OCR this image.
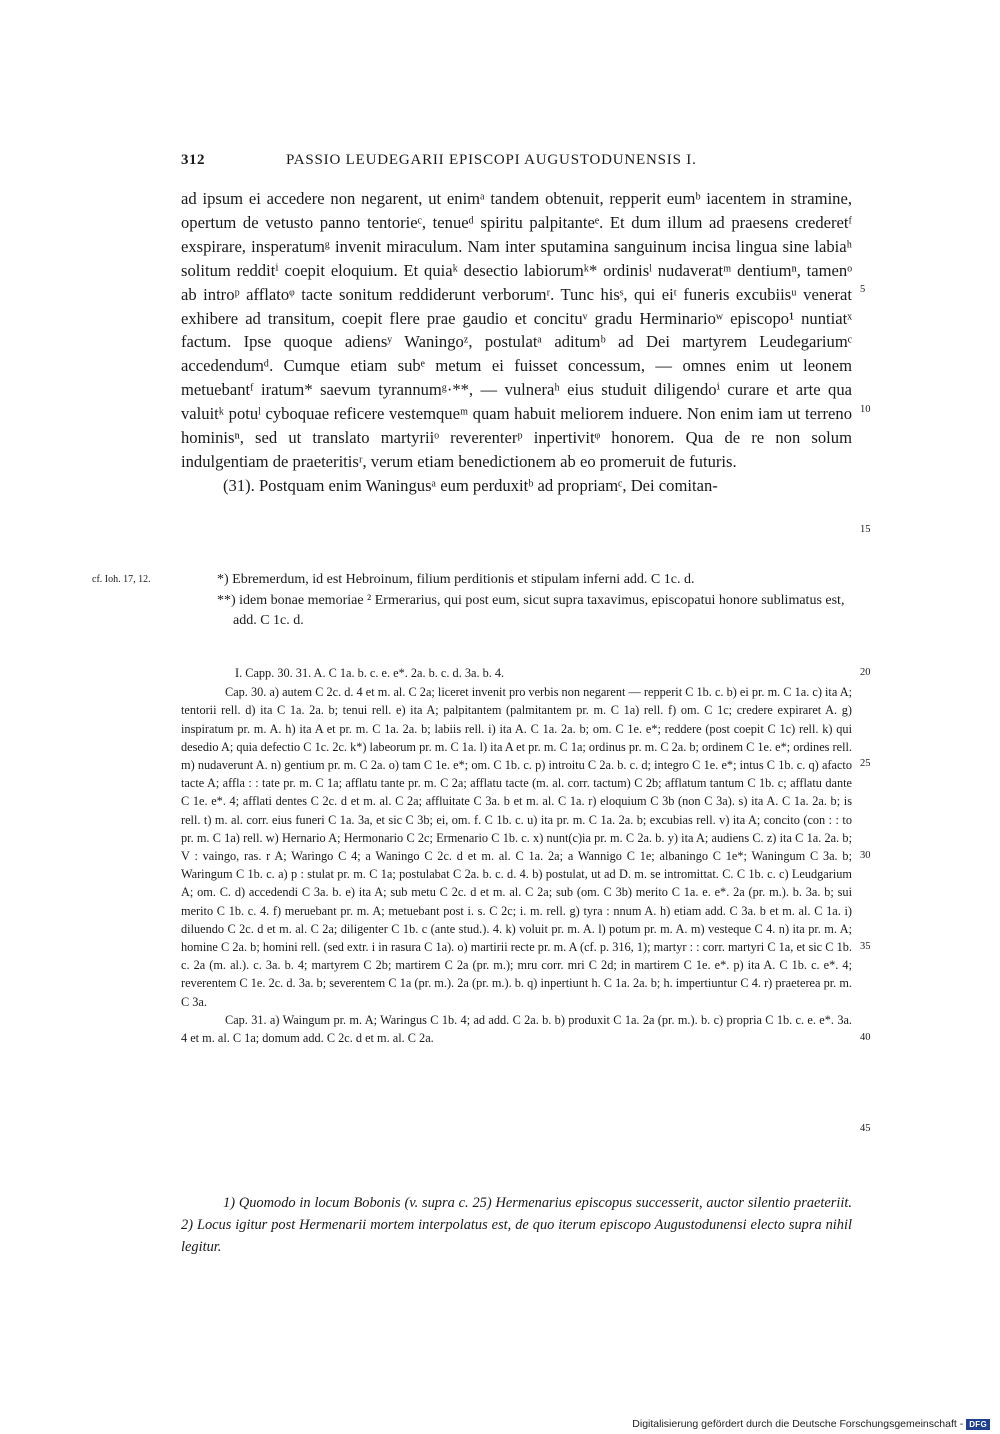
312	PASSIO LEUDEGARII EPISCOPI AUGUSTODUNENSIS I.

ad ipsum ei accedere non negarent, ut enimᵃ tandem obtenuit, repperit eumᵇ iacentem in stramine, opertum de vetusto panno tentorieᶜ, tenueᵈ spiritu palpitanteᵉ. Et dum illum ad praesens crederetᶠ exspirare, insperatumᵍ invenit miraculum. Nam inter sputamina sanguinum incisa lingua sine labiaʰ solitum redditⁱ coepit eloquium. Et quiaᵏ desectio labiorumᵏ* ordinisˡ nudaveratᵐ dentiumⁿ, tamenᵒ ab introᵖ afflatoᵠ tacte sonitum reddiderunt verborumʳ. Tunc hisˢ, qui eiᵗ funeris excubiisᵘ venerat exhibere ad transitum, coepit flere prae gaudio et concituᵛ gradu Herminarioʷ episcopo¹ nuntiatˣ factum. Ipse quoque adiensʸ Waningoᶻ, postulatᵃ aditumᵇ ad Dei martyrem Leudegariumᶜ accedendumᵈ. Cumque etiam subᵉ metum ei fuisset concessum, — omnes enim ut leonem metuebantᶠ iratum* saevum tyrannumᵍ·**, — vulneraʰ eius studuit diligendoⁱ curare et arte qua valuitᵏ potuˡ cyboquae reficere vestemqueᵐ quam habuit meliorem induere. Non enim iam ut terreno hominisⁿ, sed ut translato martyriiᵒ reverenterᵖ inpertivitᵠ honorem. Qua de re non solum indulgentiam de praeteritisʳ, verum etiam benedictionem ab eo promeruit de futuris.

(31). Postquam enim Waningusᵃ eum perduxitᵇ ad propriamᶜ, Dei comitan-

5
10
15
20
25
30
35
40
45
cf. Ioh. 17, 12.	*) Ebremerdum, id est Hebroinum, filium perditionis et stipulam inferni add. C 1c. d.

**) idem bonae memoriae ² Ermerarius, qui post eum, sicut supra taxavimus, episcopatui honore sublimatus est, add. C 1c. d.

I. Capp. 30. 31. A. C 1a. b. c. e. e*. 2a. b. c. d. 3a. b. 4.

Cap. 30. a) autem C 2c. d. 4 et m. al. C 2a; liceret invenit pro verbis non negarent — repperit C 1b. c. b) ei pr. m. C 1a. c) ita A; tentorii rell. d) ita C 1a. 2a. b; tenui rell. e) ita A; palpitantem (palmitantem pr. m. C 1a) rell. f) om. C 1c; credere expiraret A. g) inspiratum pr. m. A. h) ita A et pr. m. C 1a. 2a. b; labiis rell. i) ita A. C 1a. 2a. b; om. C 1e. e*; reddere (post coepit C 1c) rell. k) qui desedio A; quia defectio C 1c. 2c. k*) labeorum pr. m. C 1a. l) ita A et pr. m. C 1a; ordinus pr. m. C 2a. b; ordinem C 1e. e*; ordines rell. m) nudaverunt A. n) gentium pr. m. C 2a. o) tam C 1e. e*; om. C 1b. c. p) introitu C 2a. b. c. d; integro C 1e. e*; intus C 1b. c. q) afacto tacte A; affla : : tate pr. m. C 1a; afflatu tante pr. m. C 2a; afflatu tacte (m. al. corr. tactum) C 2b; afflatum tantum C 1b. c; afflatu dante C 1e. e*. 4; afflati dentes C 2c. d et m. al. C 2a; affluitate C 3a. b et m. al. C 1a. r) eloquium C 3b (non C 3a). s) ita A. C 1a. 2a. b; is rell. t) m. al. corr. eius funeri C 1a. 3a, et sic C 3b; ei, om. f. C 1b. c. u) ita pr. m. C 1a. 2a. b; excubias rell. v) ita A; concito (con : : to pr. m. C 1a) rell. w) Hernario A; Hermonario C 2c; Ermenario C 1b. c. x) nunt(c)ia pr. m. C 2a. b. y) ita A; audiens C. z) ita C 1a. 2a. b; V : vaingo, ras. r A; Waringo C 4; a Waningo C 2c. d et m. al. C 1a. 2a; a Wannigo C 1e; albaningo C 1e*; Waningum C 3a. b; Waringum C 1b. c. a) p : stulat pr. m. C 1a; postulabat C 2a. b. c. d. 4. b) postulat, ut ad D. m. se intromittat. C. C 1b. c. c) Leudgarium A; om. C. d) accedendi C 3a. b. e) ita A; sub metu C 2c. d et m. al. C 2a; sub (om. C 3b) merito C 1a. e. e*. 2a (pr. m.). b. 3a. b; sui merito C 1b. c. 4. f) meruebant pr. m. A; metuebant post i. s. C 2c; i. m. rell. g) tyra : nnum A. h) etiam add. C 3a. b et m. al. C 1a. i) diluendo C 2c. d et m. al. C 2a; diligenter C 1b. c (ante stud.). 4. k) voluit pr. m. A. l) potum pr. m. A. m) vesteque C 4. n) ita pr. m. A; homine C 2a. b; homini rell. (sed extr. i in rasura C 1a). o) martirii recte pr. m. A (cf. p. 316, 1); martyr : : corr. martyri C 1a, et sic C 1b. c. 2a (m. al.). c. 3a. b. 4; martyrem C 2b; martirem C 2a (pr. m.); mru corr. mri C 2d; in martirem C 1e. e*. p) ita A. C 1b. c. e*. 4; reverentem C 1e. 2c. d. 3a. b; severentem C 1a (pr. m.). 2a (pr. m.). b. q) inpertiunt h. C 1a. 2a. b; h. impertiuntur C 4. r) praeterea pr. m. C 3a.

Cap. 31. a) Waingum pr. m. A; Waringus C 1b. 4; ad add. C 2a. b. b) produxit C 1a. 2a (pr. m.). b. c) propria C 1b. c. e. e*. 3a. 4 et m. al. C 1a; domum add. C 2c. d et m. al. C 2a.

1) Quomodo in locum Bobonis (v. supra c. 25) Hermenarius episcopus successerit, auctor silentio praeteriit. 2) Locus igitur post Hermenarii mortem interpolatus est, de quo iterum episcopo Augustodunensi electo supra nihil legitur.
Digitalisierung gefördert durch die Deutsche Forschungsgemeinschaft - DFG
